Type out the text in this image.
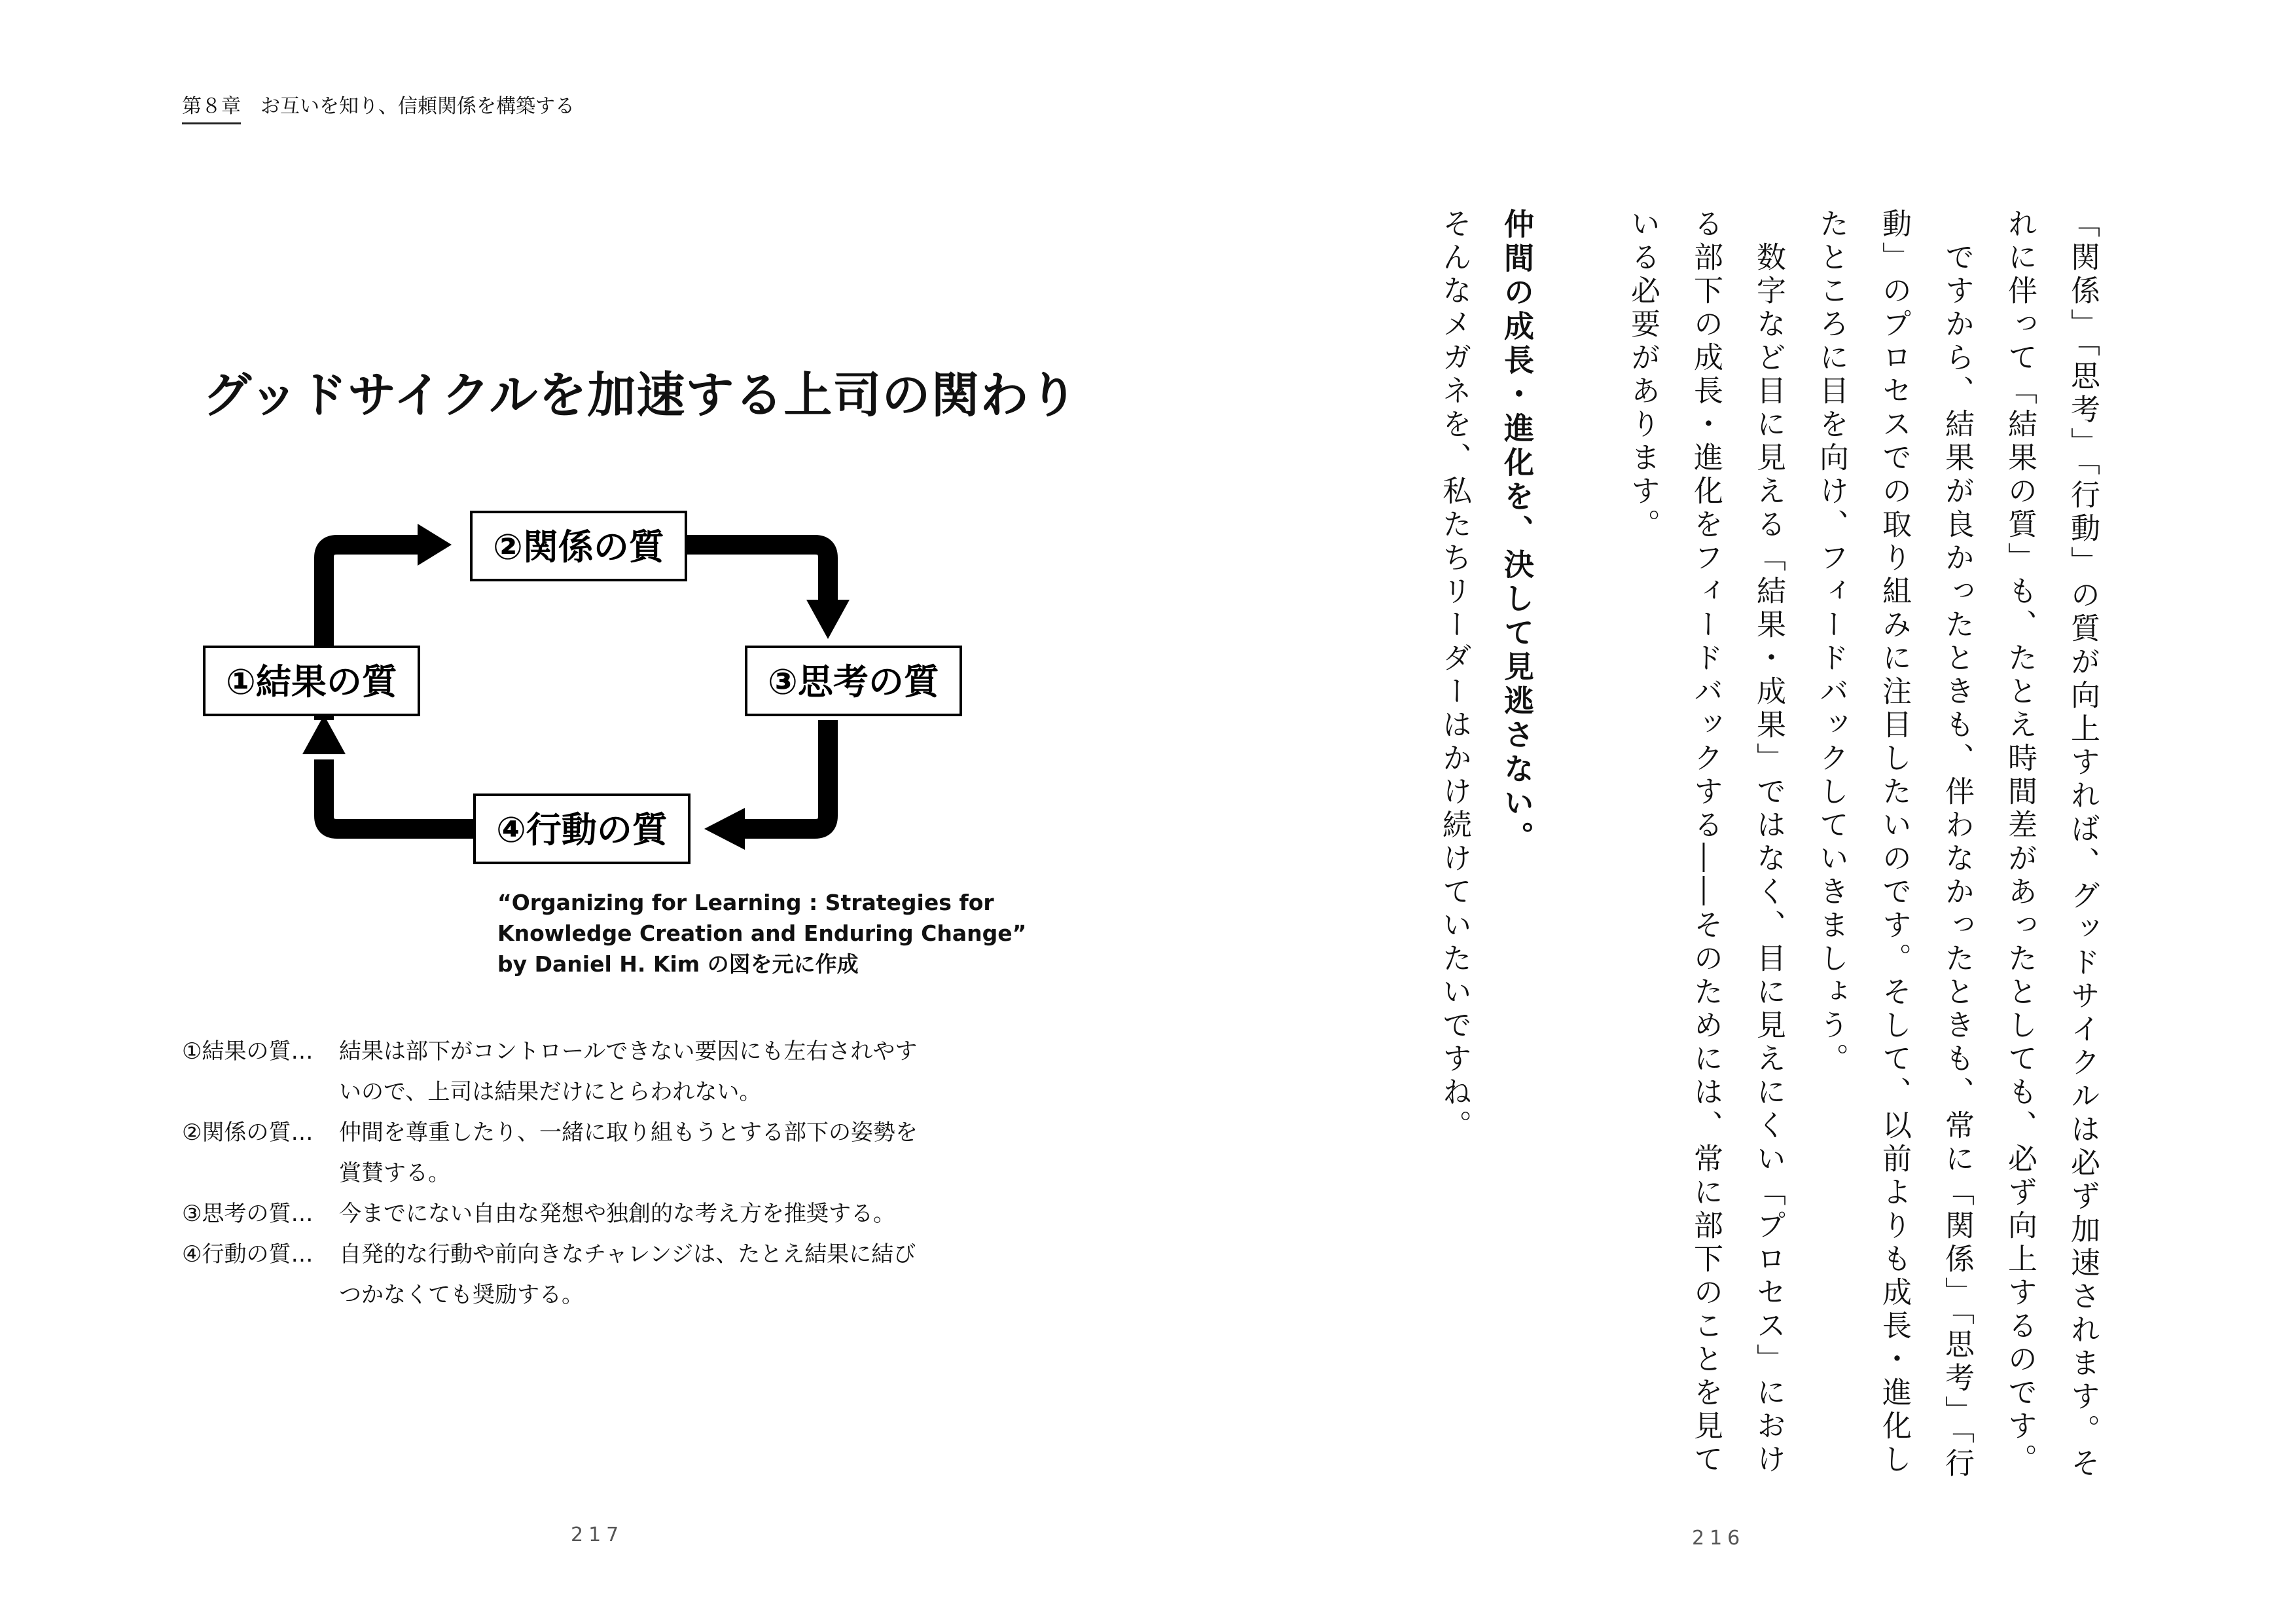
第８章 お互いを知り、信頼関係を構築する
グッドサイクルを加速する上司の関わり
②関係の質
①結果の質	③思考の質
④行動の質
“Organizing for Learning : Strategies for
Knowledge Creation and Enduring Change”
by Daniel H. Kim の図を元に作成
①結果の質…	結果は部下がコントロールできない要因にも左右されやす
いので、上司は結果だけにとらわれない。
②関係の質…	仲間を尊重したり、一緒に取り組もうとする部下の姿勢を
賞賛する。
③思考の質…	今までにない自由な発想や独創的な考え方を推奨する。
④行動の質…	自発的な行動や前向きなチャレンジは、たとえ結果に結び
つかなくても奨励する。
217	216

「関係」「思考」「行動」の質が向上すれば、グッドサイクルは必ず加速されます。そ

れに伴って「結果の質」も、たとえ時間差があったとしても、必ず向上するのです。

　ですから、結果が良かったときも、伴わなかったときも、常に「関係」「思考」「行

動」のプロセスでの取り組みに注目したいのです。そして、以前よりも成長・進化し

たところに目を向け、フィードバックしていきましょう。

　数字など目に見える「結果・成果」ではなく、目に見えにくい「プロセス」におけ

る部下の成長・進化をフィードバックする――そのためには、常に部下のことを見て

いる必要があります。

仲間の成長・進化を、決して見逃さない。

そんなメガネを、私たちリーダーはかけ続けていたいですね。
